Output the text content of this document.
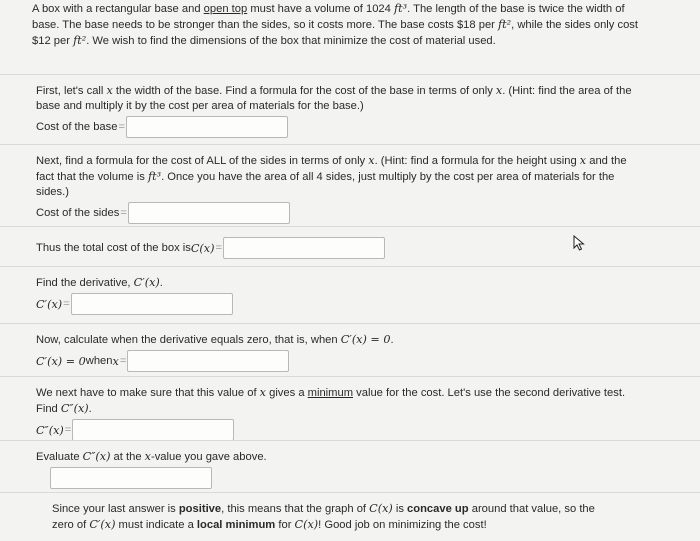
A box with a rectangular base and open top must have a volume of 1024 ft³. The length of the base is twice the width of base. The base needs to be stronger than the sides, so it costs more. The base costs $18 per ft², while the sides only cost $12 per ft². We wish to find the dimensions of the box that minimize the cost of material used.
First, let's call x the width of the base. Find a formula for the cost of the base in terms of only x. (Hint: find the area of the base and multiply it by the cost per area of materials for the base.)
Cost of the base =
Next, find a formula for the cost of ALL of the sides in terms of only x. (Hint: find a formula for the height using x and the fact that the volume is ft³. Once you have the area of all 4 sides, just multiply by the cost per area of materials for the sides.)
Cost of the sides =
Thus the total cost of the box is C(x) =
Find the derivative, C′(x).
C′(x) =
Now, calculate when the derivative equals zero, that is, when C′(x) = 0.
C′(x) = 0 when x =
We next have to make sure that this value of x gives a minimum value for the cost. Let's use the second derivative test. Find C″(x).
C″(x) =
Evaluate C″(x) at the x-value you gave above.
Since your last answer is positive, this means that the graph of C(x) is concave up around that value, so the zero of C′(x) must indicate a local minimum for C(x)! Good job on minimizing the cost!
